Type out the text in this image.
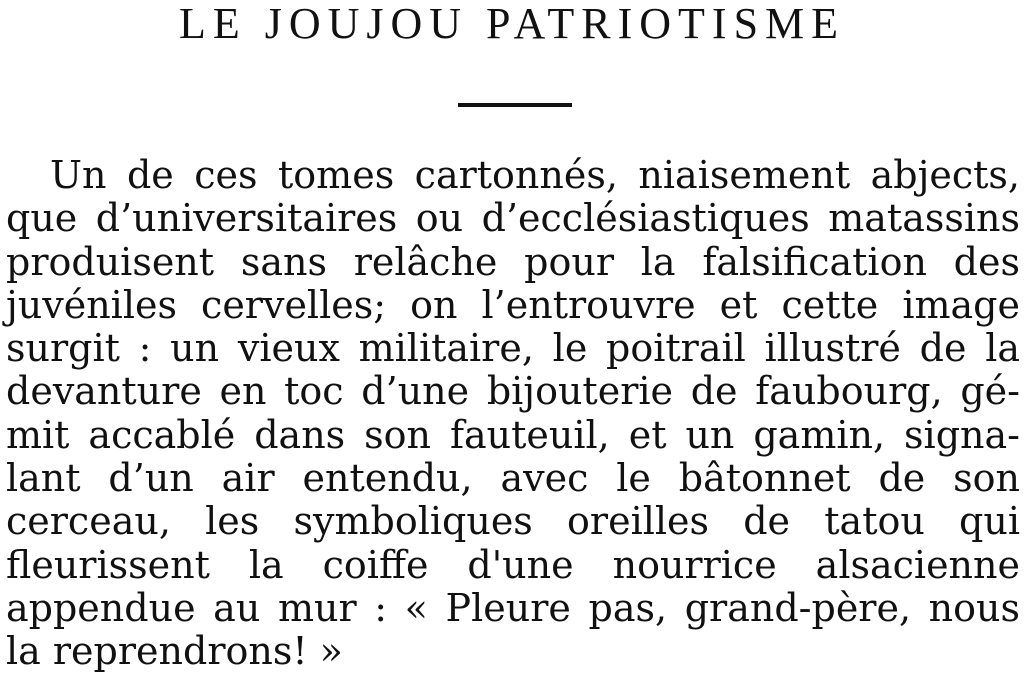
LE JOUJOU PATRIOTISME
Un de ces tomes cartonnés, niaisement abjects,
que d’universitaires ou d’ecclésiastiques matassins
produisent sans relâche pour la falsification des
juvéniles cervelles; on l’entrouvre et cette image
surgit : un vieux militaire, le poitrail illustré de la
devanture en toc d’une bijouterie de faubourg, gé-
mit accablé dans son fauteuil, et un gamin, signa-
lant d’un air entendu, avec le bâtonnet de son
cerceau, les symboliques oreilles de tatou qui
fleurissent la coiffe d'une nourrice alsacienne
appendue au mur : « Pleure pas, grand-père, nous
la reprendrons! »
